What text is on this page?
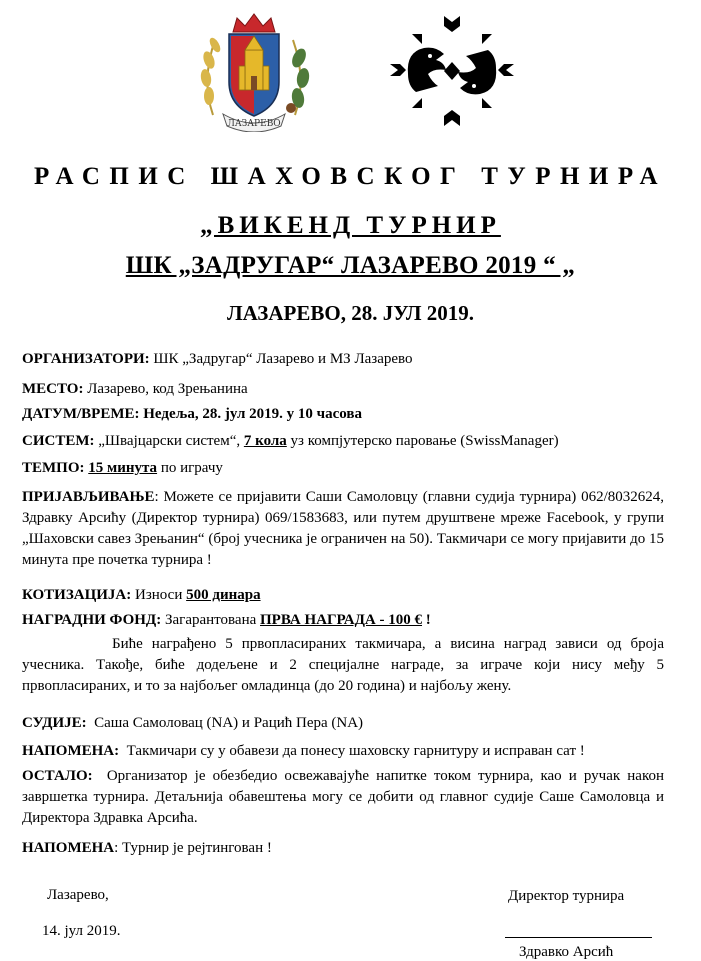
ЛАЗАРЕВО
РАСПИС ШАХОВСКОГ ТУРНИРА
„ВИКЕНД ТУРНИР
ШК „ЗАДРУГАР“ ЛАЗАРЕВО 2019 “ „
ЛАЗАРЕВО, 28. ЈУЛ 2019.
ОРГАНИЗАТОРИ: ШК „Задругар“ Лазарево и МЗ Лазарево
МЕСТО: Лазарево, код Зрењанина
ДАТУМ/ВРЕМЕ: Недеља, 28. јул 2019. у 10 часова
СИСТЕМ: „Швајцарски систем“, 7 кола уз компјутерско паровање (SwissManager)
ТЕМПО: 15 минута по играчу
ПРИЈАВЉИВАЊЕ: Можете се пријавити Саши Самоловцу (главни судија турнира) 062/8032624, Здравку Арсићу (Директор турнира) 069/1583683, или путем друштвене мреже Facebook, у групи „Шаховски савез Зрењанин“ (број учесника је ограничен на 50). Такмичари се могу пријавити до 15 минута пре почетка турнира !
КОТИЗАЦИЈА: Износи 500 динара
НАГРАДНИ ФОНД: Загарантована ПРВА НАГРАДА - 100 € !
Биће награђено 5 првопласираних такмичара, а висина наград зависи од броја учесника. Такође, биће додељене и 2 специјалне награде, за играче који нису међу 5 првопласираних, и то за најбољег омладинца (до 20 година) и најбољу жену.
СУДИЈЕ: Саша Самоловац (NA) и Рацић Пера (NA)
НАПОМЕНА: Такмичари су у обавези да понесу шаховску гарнитуру и исправан сат !
ОСТАЛО: Организатор је обезбедио освежавајуће напитке током турнира, као и ручак након завршетка турнира. Детаљнија обавештења могу се добити од главног судије Саше Самоловца и Директора Здравка Арсића.
НАПОМЕНА: Турнир је рејтингован !
Лазарево,
14. јул 2019.
Директор турнира
Здравко Арсић
